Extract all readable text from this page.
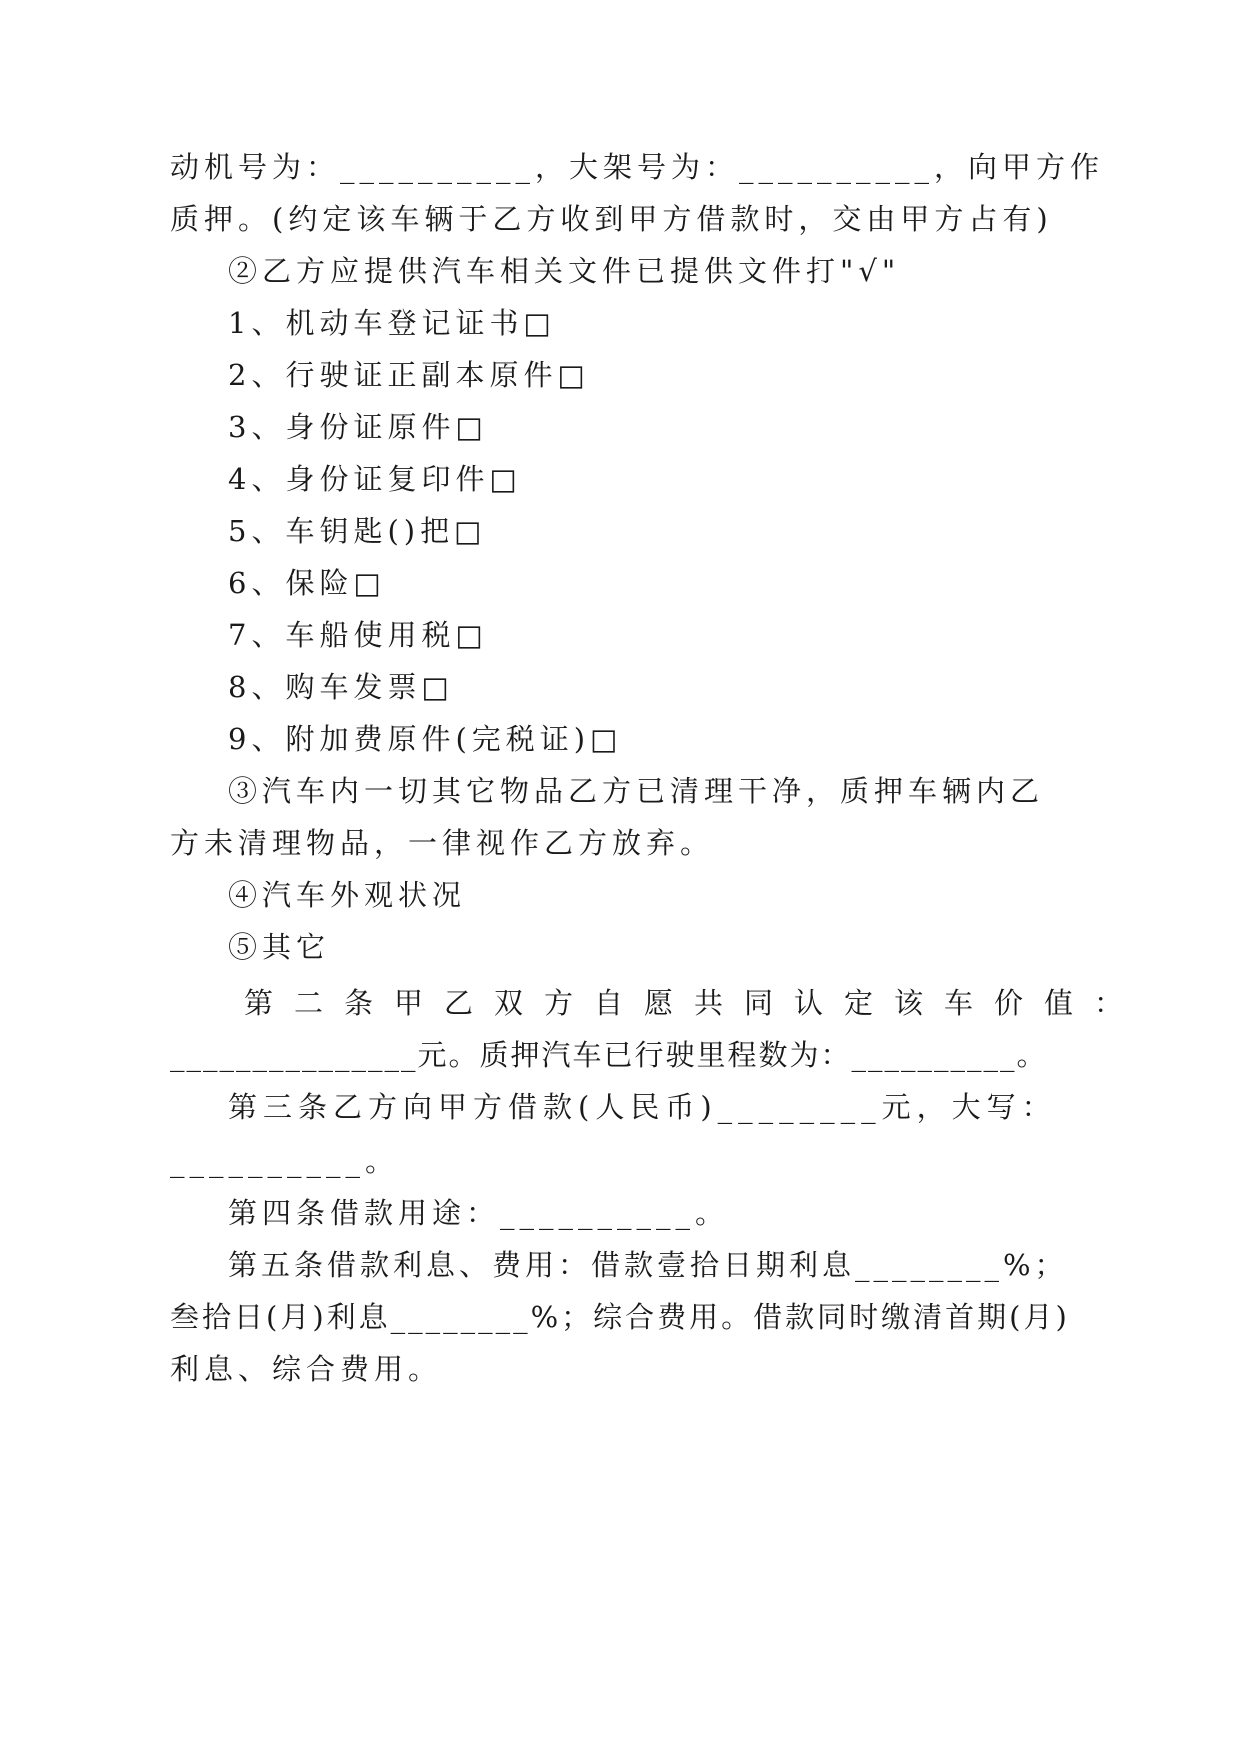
动机号为：__________，大架号为：__________，向甲方作
质押。(约定该车辆于乙方收到甲方借款时，交由甲方占有)
②乙方应提供汽车相关文件已提供文件打"√"
1、机动车登记证书□
2、行驶证正副本原件□
3、身份证原件□
4、身份证复印件□
5、车钥匙()把□
6、保险□
7、车船使用税□
8、购车发票□
9、附加费原件(完税证)□
③汽车内一切其它物品乙方已清理干净，质押车辆内乙
方未清理物品，一律视作乙方放弃。
④汽车外观状况
⑤其它
第二条甲乙双方自愿共同认定该车价值：
_______________元。质押汽车已行驶里程数为：__________。
第三条乙方向甲方借款(人民币)________元，大写：
__________。
第四条借款用途：__________。
第五条借款利息、费用：借款壹拾日期利息________%；
叁拾日(月)利息________%；综合费用。借款同时缴清首期(月)
利息、综合费用。
